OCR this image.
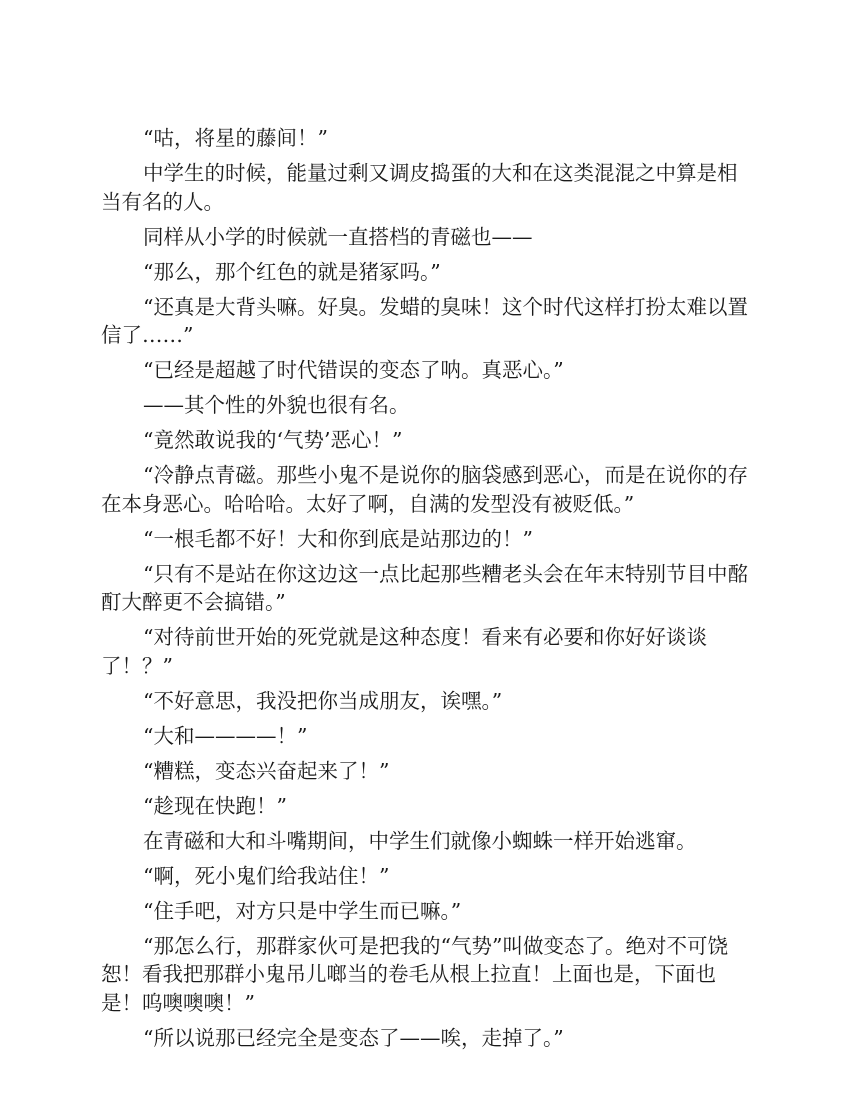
“咕，将星的藤间！”

中学生的时候，能量过剩又调皮捣蛋的大和在这类混混之中算是相当有名的人。

同样从小学的时候就一直搭档的青磁也——

“那么，那个红色的就是猪冢吗。”

“还真是大背头嘛。好臭。发蜡的臭味！这个时代这样打扮太难以置信了……”

“已经是超越了时代错误的变态了呐。真恶心。”

——其个性的外貌也很有名。

“竟然敢说我的‘气势’恶心！”

“冷静点青磁。那些小鬼不是说你的脑袋感到恶心，而是在说你的存在本身恶心。哈哈哈。太好了啊，自满的发型没有被贬低。”

“一根毛都不好！大和你到底是站那边的！”

“只有不是站在你这边这一点比起那些糟老头会在年末特别节目中酩酊大醉更不会搞错。”

“对待前世开始的死党就是这种态度！看来有必要和你好好谈谈了！？”

“不好意思，我没把你当成朋友，诶嘿。”

“大和————！”

“糟糕，变态兴奋起来了！”

“趁现在快跑！”

在青磁和大和斗嘴期间，中学生们就像小蜘蛛一样开始逃窜。

“啊，死小鬼们给我站住！”

“住手吧，对方只是中学生而已嘛。”

“那怎么行，那群家伙可是把我的“气势”叫做变态了。绝对不可饶恕！看我把那群小鬼吊儿啷当的卷毛从根上拉直！上面也是，下面也是！呜噢噢噢！”

“所以说那已经完全是变态了——唉，走掉了。”
